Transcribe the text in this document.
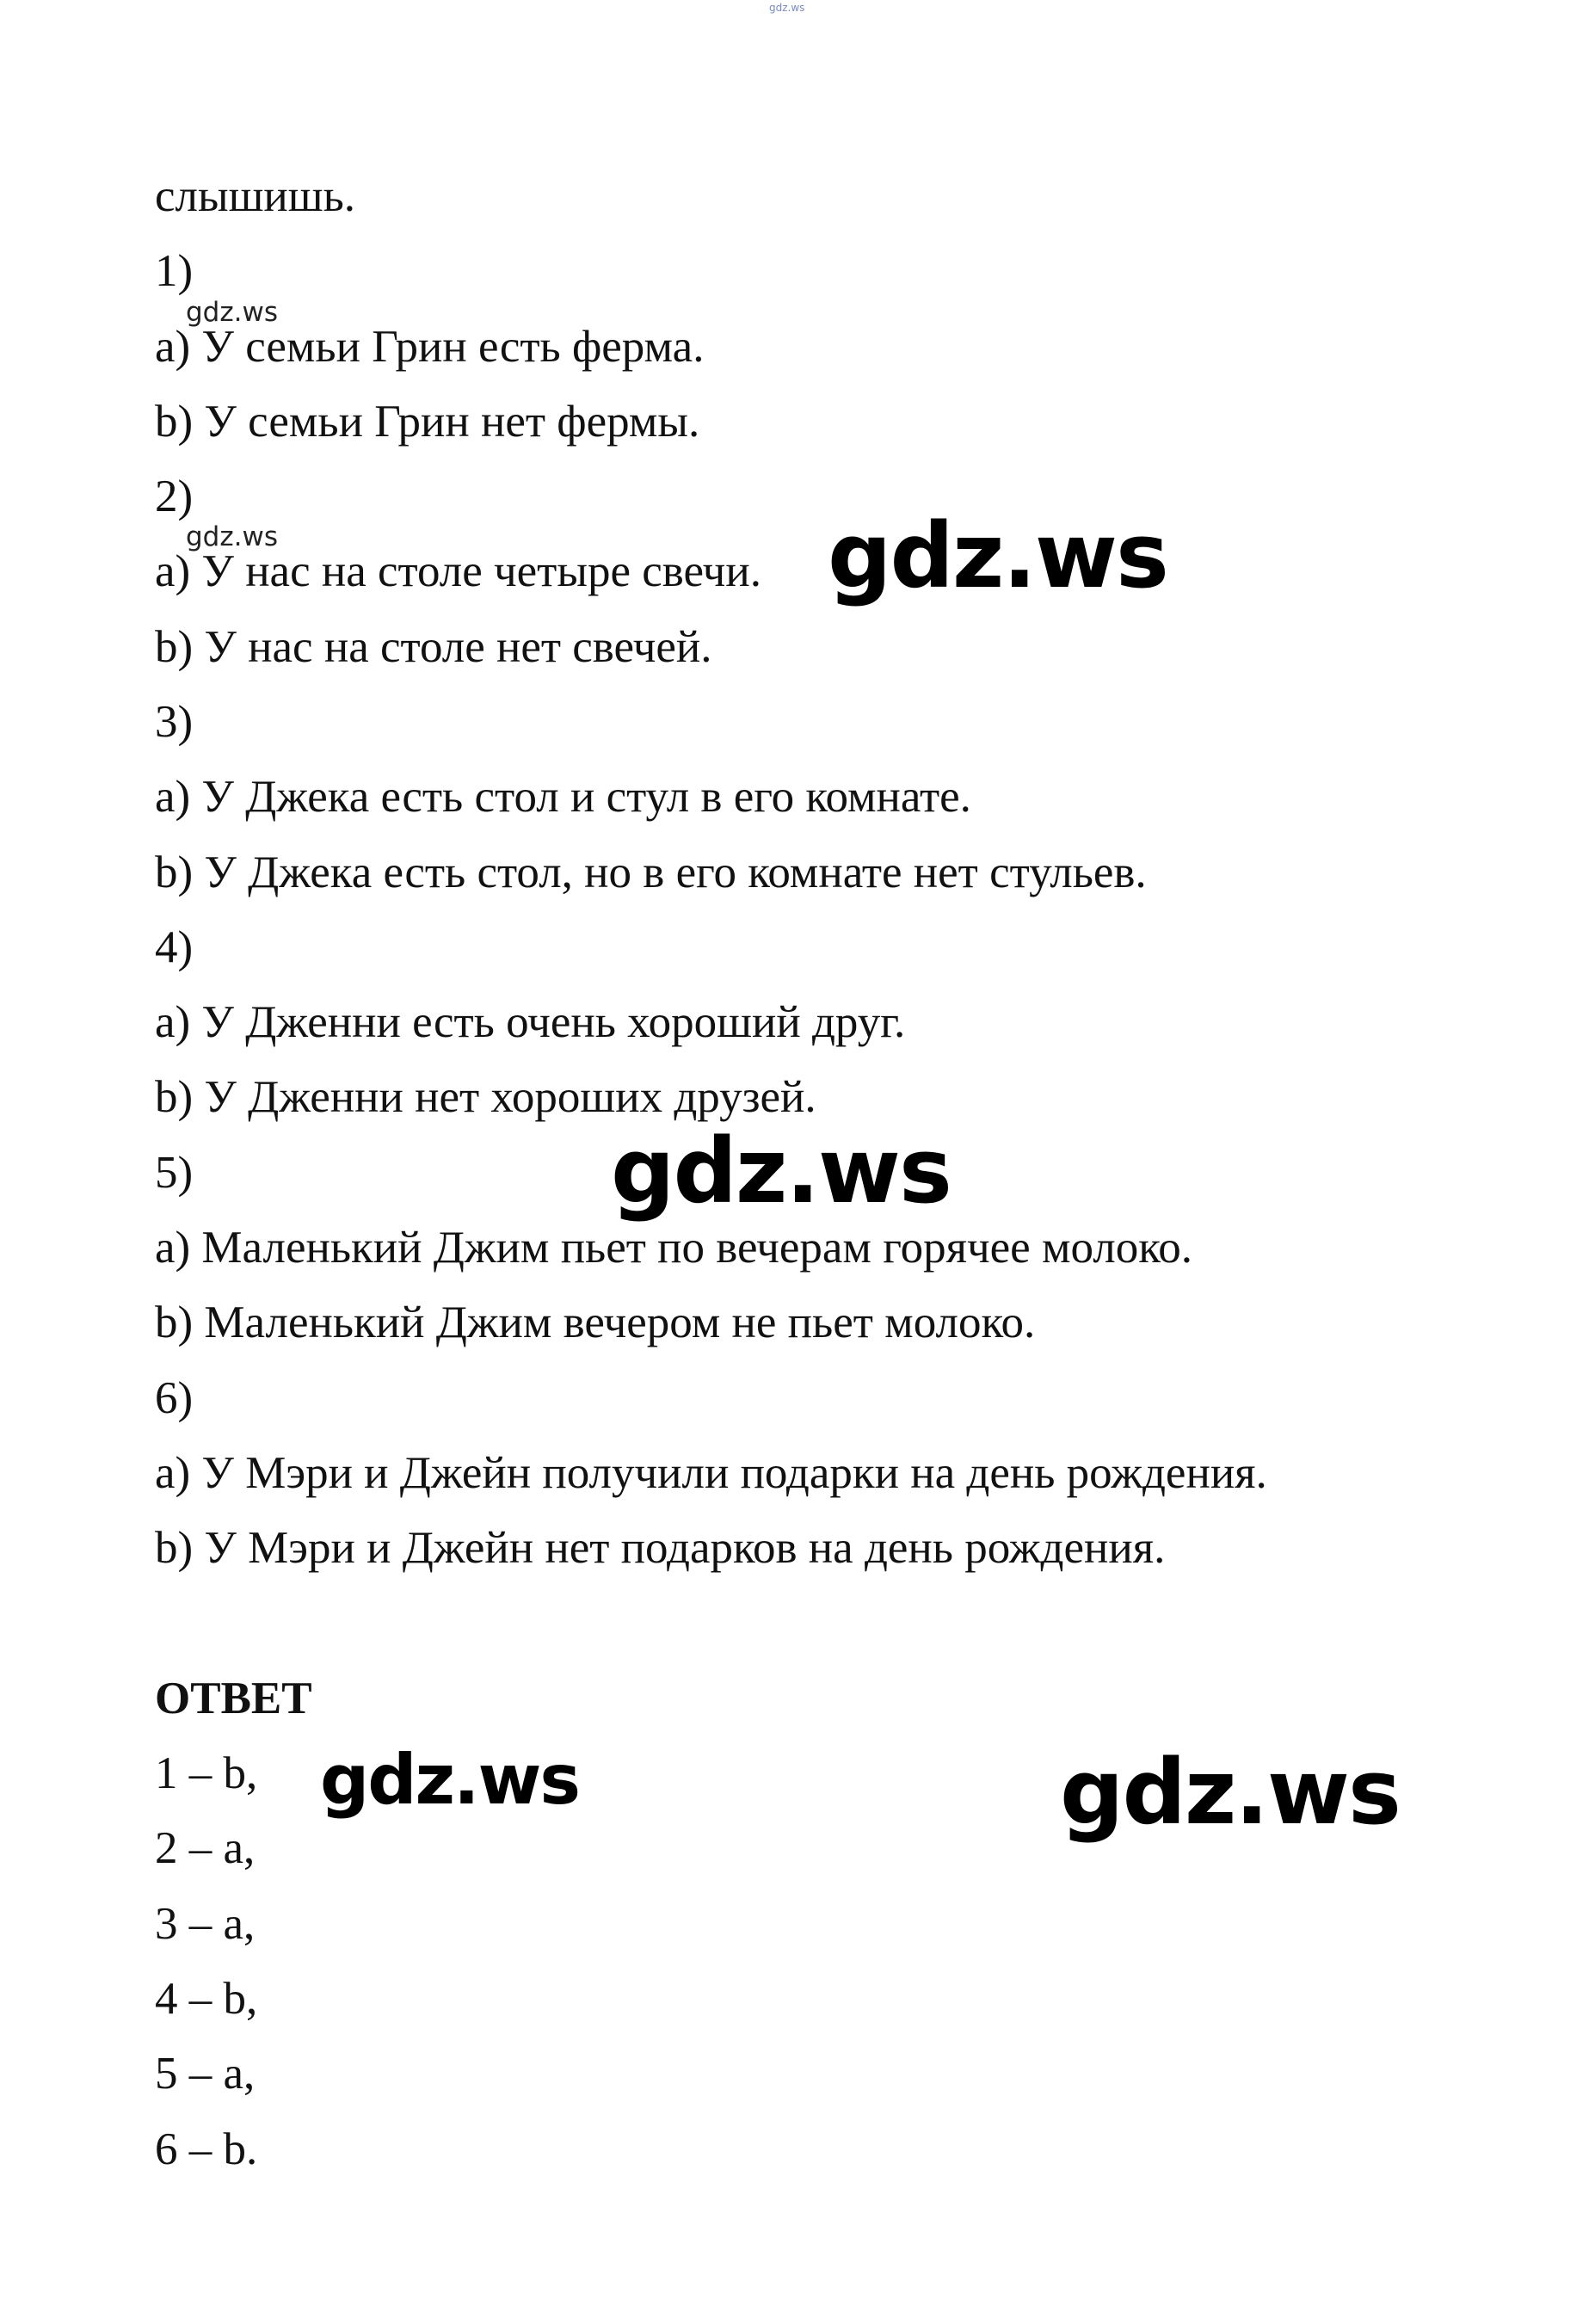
gdz.ws
слышишь.
1)
a) У семьи Грин есть ферма.
b) У семьи Грин нет фермы.
2)
a) У нас на столе четыре свечи.
b) У нас на столе нет свечей.
3)
a) У Джека есть стол и стул в его комнате.
b) У Джека есть стол, но в его комнате нет стульев.
4)
a) У Дженни есть очень хороший друг.
b) У Дженни нет хороших друзей.
5)
a) Маленький Джим пьет по вечерам горячее молоко.
b) Маленький Джим вечером не пьет молоко.
6)
a) У Мэри и Джейн получили подарки на день рождения.
b) У Мэри и Джейн нет подарков на день рождения.
ОТВЕТ
1 – b,
2 – a,
3 – a,
4 – b,
5 – a,
6 – b.
gdz.ws
gdz.ws	gdz.ws
gdz.ws
gdz.ws	gdz.ws
